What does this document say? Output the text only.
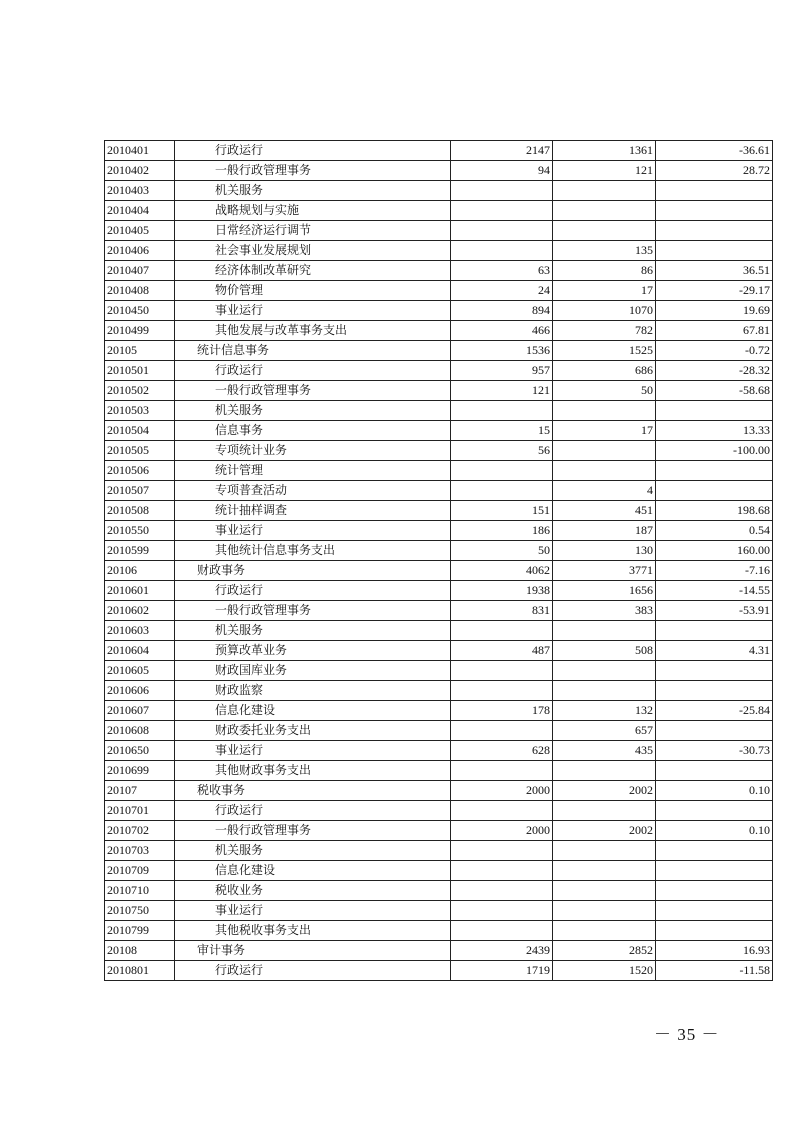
2010401	行政运行	2147	1361	-36.61
2010402	一般行政管理事务	94	121	28.72
2010403	机关服务			
2010404	战略规划与实施			
2010405	日常经济运行调节			
2010406	社会事业发展规划		135	
2010407	经济体制改革研究	63	86	36.51
2010408	物价管理	24	17	-29.17
2010450	事业运行	894	1070	19.69
2010499	其他发展与改革事务支出	466	782	67.81
20105	统计信息事务	1536	1525	-0.72
2010501	行政运行	957	686	-28.32
2010502	一般行政管理事务	121	50	-58.68
2010503	机关服务			
2010504	信息事务	15	17	13.33
2010505	专项统计业务	56		-100.00
2010506	统计管理			
2010507	专项普查活动		4	
2010508	统计抽样调查	151	451	198.68
2010550	事业运行	186	187	0.54
2010599	其他统计信息事务支出	50	130	160.00
20106	财政事务	4062	3771	-7.16
2010601	行政运行	1938	1656	-14.55
2010602	一般行政管理事务	831	383	-53.91
2010603	机关服务			
2010604	预算改革业务	487	508	4.31
2010605	财政国库业务			
2010606	财政监察			
2010607	信息化建设	178	132	-25.84
2010608	财政委托业务支出		657	
2010650	事业运行	628	435	-30.73
2010699	其他财政事务支出			
20107	税收事务	2000	2002	0.10
2010701	行政运行			
2010702	一般行政管理事务	2000	2002	0.10
2010703	机关服务			
2010709	信息化建设			
2010710	税收业务			
2010750	事业运行			
2010799	其他税收事务支出			
20108	审计事务	2439	2852	16.93
2010801	行政运行	1719	1520	-11.58
－ 35 －
